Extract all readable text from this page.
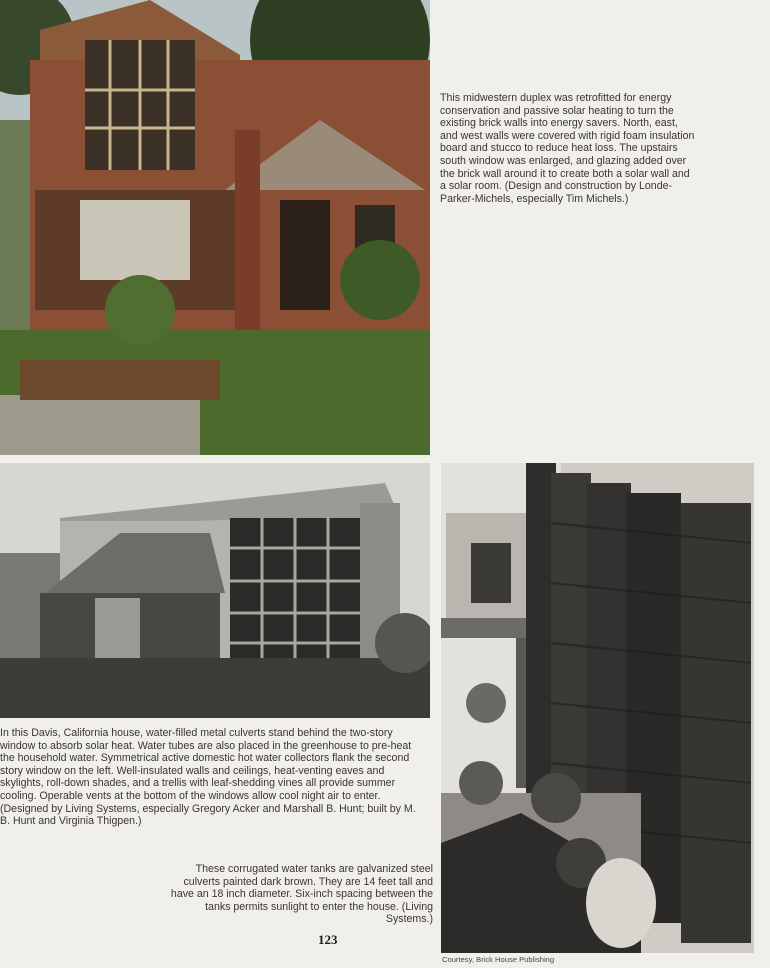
This midwestern duplex was retrofitted for energy conservation and passive solar heating to turn the existing brick walls into energy savers. North, east, and west walls were covered with rigid foam insulation board and stucco to reduce heat loss. The upstairs south window was enlarged, and glazing added over the brick wall around it to create both a solar wall and a solar room. (Design and construction by Londe-Parker-Michels, especially Tim Michels.)

In this Davis, California house, water-filled metal culverts stand behind the two-story window to absorb solar heat. Water tubes are also placed in the greenhouse to pre-heat the household water. Symmetrical active domestic hot water collectors flank the second story window on the left. Well-insulated walls and ceilings, heat-venting eaves and skylights, roll-down shades, and a trellis with leaf-shedding vines all provide summer cooling. Operable vents at the bottom of the windows allow cool night air to enter. (Designed by Living Systems, especially Gregory Acker and Marshall B. Hunt; built by M. B. Hunt and Virginia Thigpen.)

These corrugated water tanks are galvanized steel culverts painted dark brown. They are 14 feet tall and have an 18 inch diameter. Six-inch spacing between the tanks permits sunlight to enter the house. (Living Systems.)

123
Courtesy, Brick House Publishing
